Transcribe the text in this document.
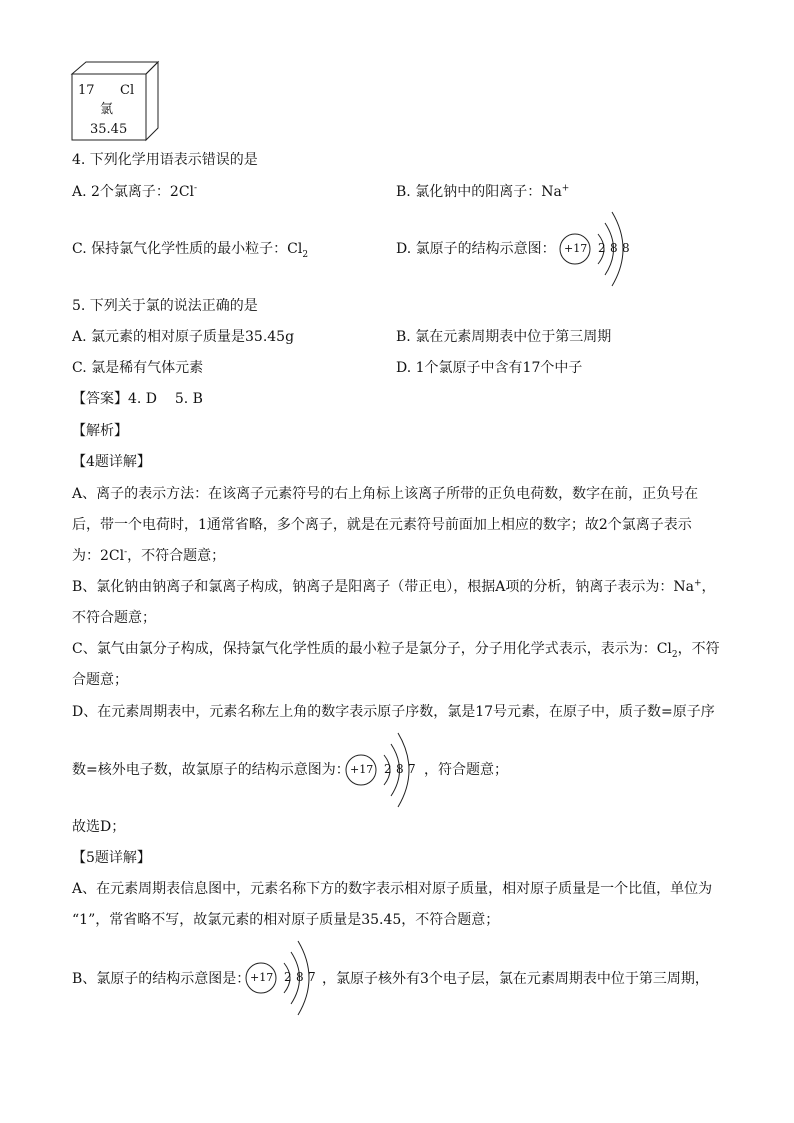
17 Cl
氯
35.45
4. 下列化学用语表示错误的是
A. 2个氯离子：2Cl-	B. 氯化钠中的阳离子：Na+
C. 保持氯气化学性质的最小粒子：$Cl_2$	D. 氯原子的结构示意图： +17 2 8 8
5. 下列关于氯的说法正确的是
A. 氯元素的相对原子质量是35.45g	B. 氯在元素周期表中位于第三周期
C. 氯是稀有气体元素	D. 1个氯原子中含有17个中子
【答案】4. D    5. B
【解析】
【4题详解】
A、离子的表示方法：在该离子元素符号的右上角标上该离子所带的正负电荷数，数字在前，正负号在
后，带一个电荷时，1通常省略，多个离子，就是在元素符号前面加上相应的数字；故2个氯离子表示
为：2Cl-，不符合题意；
B、氯化钠由钠离子和氯离子构成，钠离子是阳离子（带正电），根据A项的分析，钠离子表示为：Na+，
不符合题意；
C、氯气由氯分子构成，保持氯气化学性质的最小粒子是氯分子，分子用化学式表示，表示为：$Cl_2$，不符
合题意；
D、在元素周期表中，元素名称左上角的数字表示原子序数，氯是17号元素，在原子中，质子数=原子序
数=核外电子数，故氯原子的结构示意图为： +17 2 8 7 ，符合题意；
故选D；
【5题详解】
A、在元素周期表信息图中，元素名称下方的数字表示相对原子质量，相对原子质量是一个比值，单位为
“1”，常省略不写，故氯元素的相对原子质量是35.45，不符合题意；
B、氯原子的结构示意图是： +17 2 8 7 ，氯原子核外有3个电子层，氯在元素周期表中位于第三周期，
